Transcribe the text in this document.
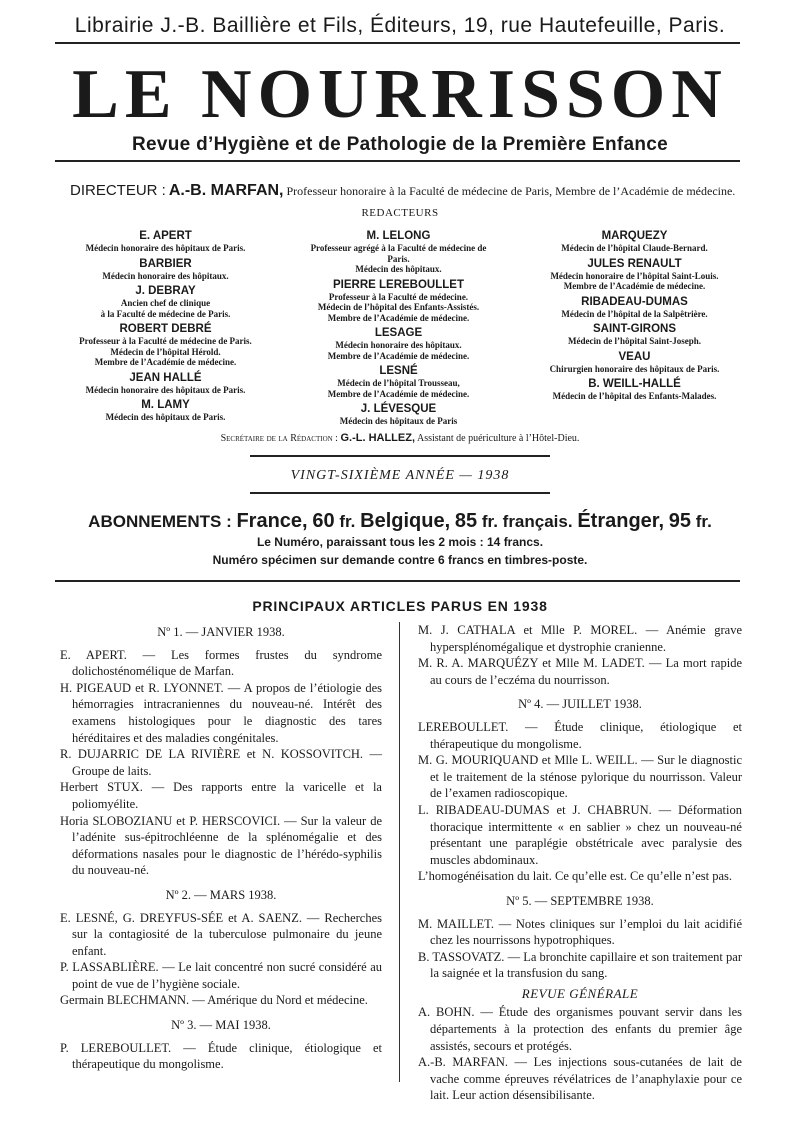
Librairie J.-B. Baillière et Fils, Éditeurs, 19, rue Hautefeuille, Paris.
LE NOURRISSON
Revue d’Hygiène et de Pathologie de la Première Enfance
DIRECTEUR : A.-B. MARFAN, Professeur honoraire à la Faculté de médecine de Paris, Membre de l’Académie de médecine.
REDACTEURS
E. APERT
Médecin honoraire des hôpitaux de Paris.
BARBIER
Médecin honoraire des hôpitaux.
J. DEBRAY
Ancien chef de clinique
à la Faculté de médecine de Paris.
ROBERT DEBRÉ
Professeur à la Faculté de médecine de Paris.
Médecin de l’hôpital Hérold.
Membre de l’Académie de médecine.
JEAN HALLÉ
Médecin honoraire des hôpitaux de Paris.
M. LAMY
Médecin des hôpitaux de Paris.
M. LELONG
Professeur agrégé à la Faculté de médecine de
Paris.
Médecin des hôpitaux.
PIERRE LEREBOULLET
Professeur à la Faculté de médecine.
Médecin de l’hôpital des Enfants-Assistés.
Membre de l’Académie de médecine.
LESAGE
Médecin honoraire des hôpitaux.
Membre de l’Académie de médecine.
LESNÉ
Médecin de l’hôpital Trousseau,
Membre de l’Académie de médecine.
J. LÉVESQUE
Médecin des hôpitaux de Paris
MARQUEZY
Médecin de l’hôpital Claude-Bernard.
JULES RENAULT
Médecin honoraire de l’hôpital Saint-Louis.
Membre de l’Académie de médecine.
RIBADEAU-DUMAS
Médecin de l’hôpital de la Salpêtrière.
SAINT-GIRONS
Médecin de l’hôpital Saint-Joseph.
VEAU
Chirurgien honoraire des hôpitaux de Paris.
B. WEILL-HALLÉ
Médecin de l’hôpital des Enfants-Malades.
Secrétaire de la Rédaction : G.-L. HALLEZ, Assistant de puériculture à l’Hôtel-Dieu.
VINGT-SIXIÈME ANNÉE — 1938
ABONNEMENTS : France, 60 fr. Belgique, 85 fr. français. Étranger, 95 fr.
Le Numéro, paraissant tous les 2 mois : 14 francs.
Numéro spécimen sur demande contre 6 francs en timbres-poste.
PRINCIPAUX ARTICLES PARUS EN 1938

Nº 1. — JANVIER 1938.

E. APERT. — Les formes frustes du syndrome dolichosténomélique de Marfan.

H. PIGEAUD et R. LYONNET. — A propos de l’étiologie des hémorragies intracraniennes du nouveau-né. Intérêt des examens histologiques pour le diagnostic des tares héréditaires et des maladies congénitales.

R. DUJARRIC DE LA RIVIÈRE et N. KOSSOVITCH. — Groupe de laits.

Herbert STUX. — Des rapports entre la varicelle et la poliomyélite.

Horia SLOBOZIANU et P. HERSCOVICI. — Sur la valeur de l’adénite sus-épitrochléenne de la splénomégalie et des déformations nasales pour le diagnostic de l’hérédo-syphilis du nouveau-né.

Nº 2. — MARS 1938.

E. LESNÉ, G. DREYFUS-SÉE et A. SAENZ. — Recherches sur la contagiosité de la tuberculose pulmonaire du jeune enfant.

P. LASSABLIÈRE. — Le lait concentré non sucré considéré au point de vue de l’hygiène sociale.

Germain BLECHMANN. — Amérique du Nord et médecine.

Nº 3. — MAI 1938.

P. LEREBOULLET. — Étude clinique, étiologique et thérapeutique du mongolisme.

M. J. CATHALA et Mlle P. MOREL. — Anémie grave hypersplénomégalique et dystrophie cranienne.

M. R. A. MARQUÉZY et Mlle M. LADET. — La mort rapide au cours de l’eczéma du nourrisson.

Nº 4. — JUILLET 1938.

LEREBOULLET. — Étude clinique, étiologique et thérapeutique du mongolisme.

M. G. MOURIQUAND et Mlle L. WEILL. — Sur le diagnostic et le traitement de la sténose pylorique du nourrisson. Valeur de l’examen radioscopique.

L. RIBADEAU-DUMAS et J. CHABRUN. — Déformation thoracique intermittente « en sablier » chez un nouveau-né présentant une paraplégie obstétricale avec paralysie des muscles abdominaux.

L’homogénéisation du lait. Ce qu’elle est. Ce qu’elle n’est pas.

Nº 5. — SEPTEMBRE 1938.

M. MAILLET. — Notes cliniques sur l’emploi du lait acidifié chez les nourrissons hypotrophiques.

B. TASSOVATZ. — La bronchite capillaire et son traitement par la saignée et la transfusion du sang.

REVUE GÉNÉRALE

A. BOHN. — Étude des organismes pouvant servir dans les départements à la protection des enfants du premier âge assistés, secours et protégés.

A.-B. MARFAN. — Les injections sous-cutanées de lait de vache comme épreuves révélatrices de l’anaphylaxie pour ce lait. Leur action désensibilisante.
